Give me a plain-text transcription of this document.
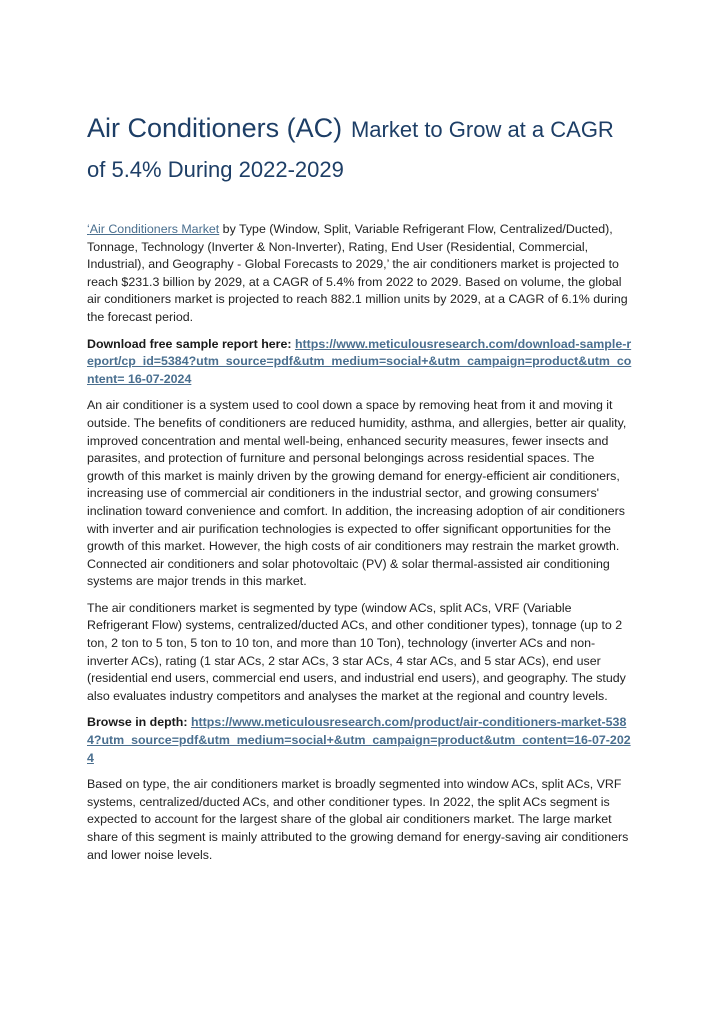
Air Conditioners (AC) Market to Grow at a CAGR of 5.4% During 2022-2029

‘Air Conditioners Market by Type (Window, Split, Variable Refrigerant Flow, Centralized/Ducted), Tonnage, Technology (Inverter & Non-Inverter), Rating, End User (Residential, Commercial, Industrial), and Geography - Global Forecasts to 2029,’ the air conditioners market is projected to reach $231.3 billion by 2029, at a CAGR of 5.4% from 2022 to 2029. Based on volume, the global air conditioners market is projected to reach 882.1 million units by 2029, at a CAGR of 6.1% during the forecast period.

Download free sample report here: https://www.meticulousresearch.com/download-sample-report/cp_id=5384?utm_source=pdf&utm_medium=social+&utm_campaign=product&utm_content= 16-07-2024

An air conditioner is a system used to cool down a space by removing heat from it and moving it outside. The benefits of conditioners are reduced humidity, asthma, and allergies, better air quality, improved concentration and mental well-being, enhanced security measures, fewer insects and parasites, and protection of furniture and personal belongings across residential spaces. The growth of this market is mainly driven by the growing demand for energy-efficient air conditioners, increasing use of commercial air conditioners in the industrial sector, and growing consumers' inclination toward convenience and comfort. In addition, the increasing adoption of air conditioners with inverter and air purification technologies is expected to offer significant opportunities for the growth of this market. However, the high costs of air conditioners may restrain the market growth. Connected air conditioners and solar photovoltaic (PV) & solar thermal-assisted air conditioning systems are major trends in this market.

The air conditioners market is segmented by type (window ACs, split ACs, VRF (Variable Refrigerant Flow) systems, centralized/ducted ACs, and other conditioner types), tonnage (up to 2 ton, 2 ton to 5 ton, 5 ton to 10 ton, and more than 10 Ton), technology (inverter ACs and non-inverter ACs), rating (1 star ACs, 2 star ACs, 3 star ACs, 4 star ACs, and 5 star ACs), end user (residential end users, commercial end users, and industrial end users), and geography. The study also evaluates industry competitors and analyses the market at the regional and country levels.

Browse in depth: https://www.meticulousresearch.com/product/air-conditioners-market-5384?utm_source=pdf&utm_medium=social+&utm_campaign=product&utm_content=16-07-2024

Based on type, the air conditioners market is broadly segmented into window ACs, split ACs, VRF systems, centralized/ducted ACs, and other conditioner types. In 2022, the split ACs segment is expected to account for the largest share of the global air conditioners market. The large market share of this segment is mainly attributed to the growing demand for energy-saving air conditioners and lower noise levels.
